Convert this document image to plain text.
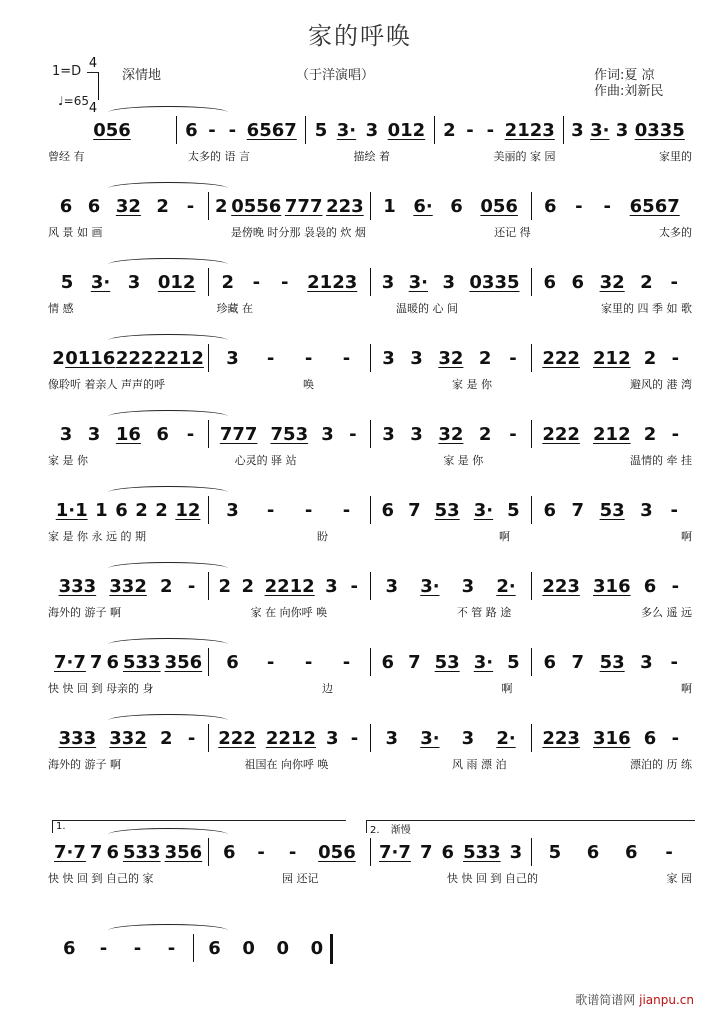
家的呼唤
1=D
4
4
深情地	（于洋演唱）	作词:夏 凉
作曲:刘新民
♩=65
056	6 - - 6567 5 3· 3 012 2 - - 2123 3 3· 3 0335
曾经 有	太多的 语 言	描绘 着	美丽的 家 园	家里的
6 6 32 2 - 2 0556 777 223 1 6· 6 056 6 - - 6567
风 景 如 画	是傍晚 时分那 袅袅的 炊 烟	还记 得	太多的
5 3· 3 012 2 - - 2123 3 3· 3 0335 6 6 32 2 -
情 感	珍藏 在	温暖的 心 间	家里的 四 季 如 歌
2 0116 222 2212 3 - - - 3 3 32 2 - 222 212 2 -
像聆听 着亲人 声声的呼	唤	家 是 你	避风的 港 湾
3 3 16 6 - 777 753 3 - 3 3 32 2 - 222 212 2 -
家 是 你	心灵的 驿 站	家 是 你	温情的 牵 挂
1·1 1 6 2 2 12 3 - - - 6 7 53 3· 5 6 7 53 3 -
家 是 你 永 远 的 期	盼	啊	啊
333 332 2 - 2 2 2212 3 - 3 3· 3 2· 223 316 6 -
海外的 游子 啊	家 在 向你呼 唤	不 管 路 途	多么 遥 远
7·7 7 6 533 356 6 - - - 6 7 53 3· 5 6 7 53 3 -
快 快 回 到 母亲的 身	边	啊	啊
333 332 2 - 222 2212 3 - 3 3· 3 2· 223 316 6 -
海外的 游子 啊	祖国在 向你呼 唤	风 雨 漂 泊	漂泊的 历 练
7·7 7 6 533 356 6 - - 056 7·7 7 6 533 3 5 6 6 -
快 快 回 到 自己的 家	园 还记	快 快 回 到 自己的	家 园
6 - - - 6 0 0 0
1.	2. 渐慢
歌谱简谱网 jianpu.cn
